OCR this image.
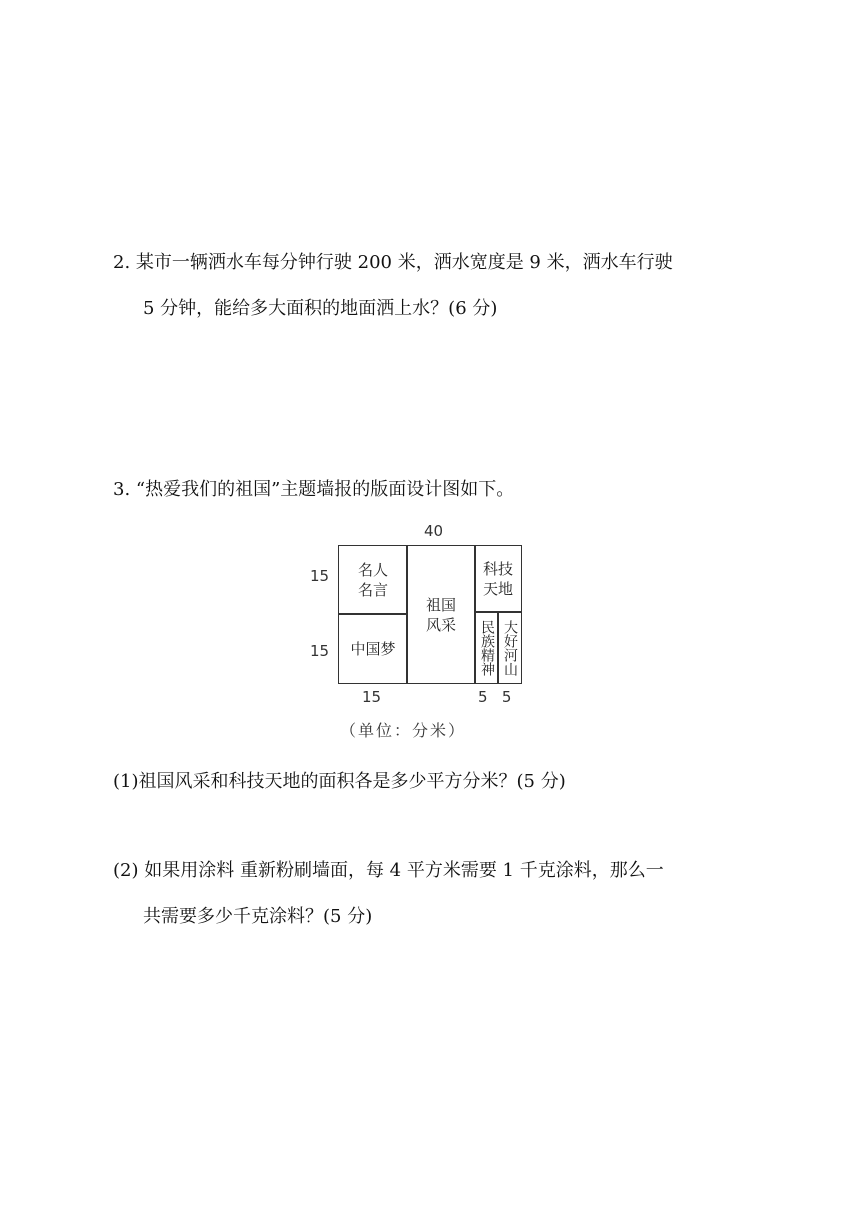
2. 某市一辆洒水车每分钟行驶 200 米，洒水宽度是 9 米，洒水车行驶
5 分钟，能给多大面积的地面洒上水？(6 分)
3. “热爱我们的祖国”主题墙报的版面设计图如下。
40
15
15
15	5   5
名人名言
中国梦
祖国风采
科技天地
民族精神 大好河山
（单位：分米）
(1)祖国风采和科技天地的面积各是多少平方分米？(5 分)
(2) 如果用涂料 重新粉刷墙面，每 4 平方米需要 1 千克涂料，那么一
共需要多少千克涂料？(5 分)
